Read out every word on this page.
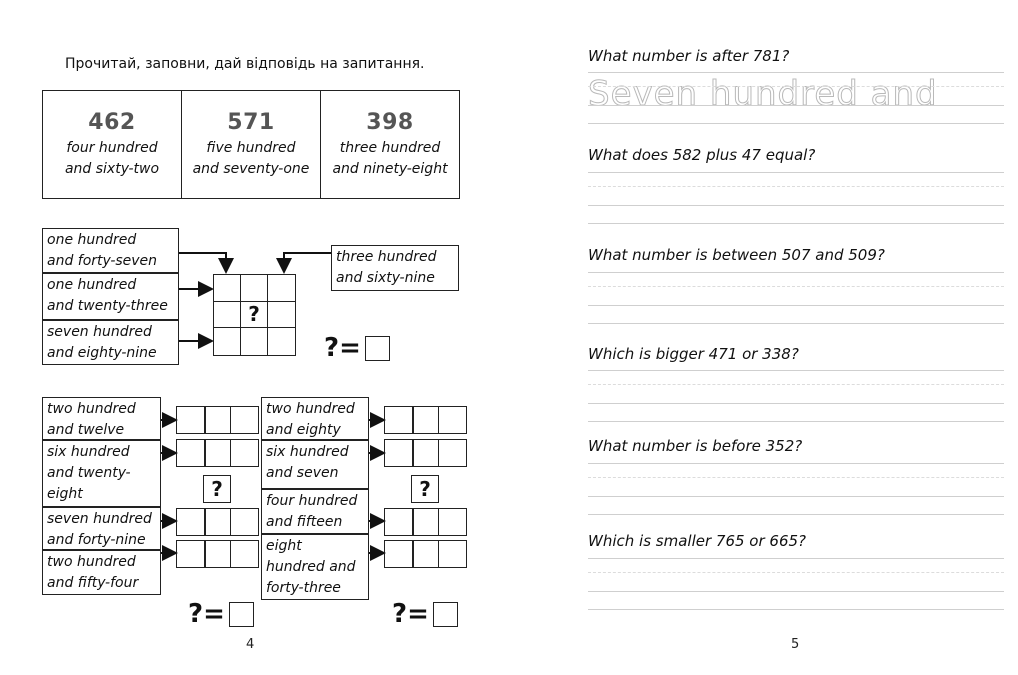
Прочитай, заповни, дай відповідь на запитання.
462
four hundred
and sixty-two
571
five hundred
and seventy-one
398
three hundred
and ninety-eight
one hundred
and forty-seven
one hundred
and twenty-three
seven hundred
and eighty-nine
three hundred
and sixty-nine
?
?=
two hundred
and twelve
six hundred
and twenty-
eight
seven hundred
and forty-nine
two hundred
and fifty-four
?
?=
two hundred
and eighty
six hundred
and seven
four hundred
and fifteen
eight
hundred and
forty-three
?
?=
4
What number is after 781?
Seven hundred and
What does 582 plus 47 equal?
What number is between 507 and 509?
Which is bigger 471 or 338?
What number is before 352?
Which is smaller 765 or 665?
5
